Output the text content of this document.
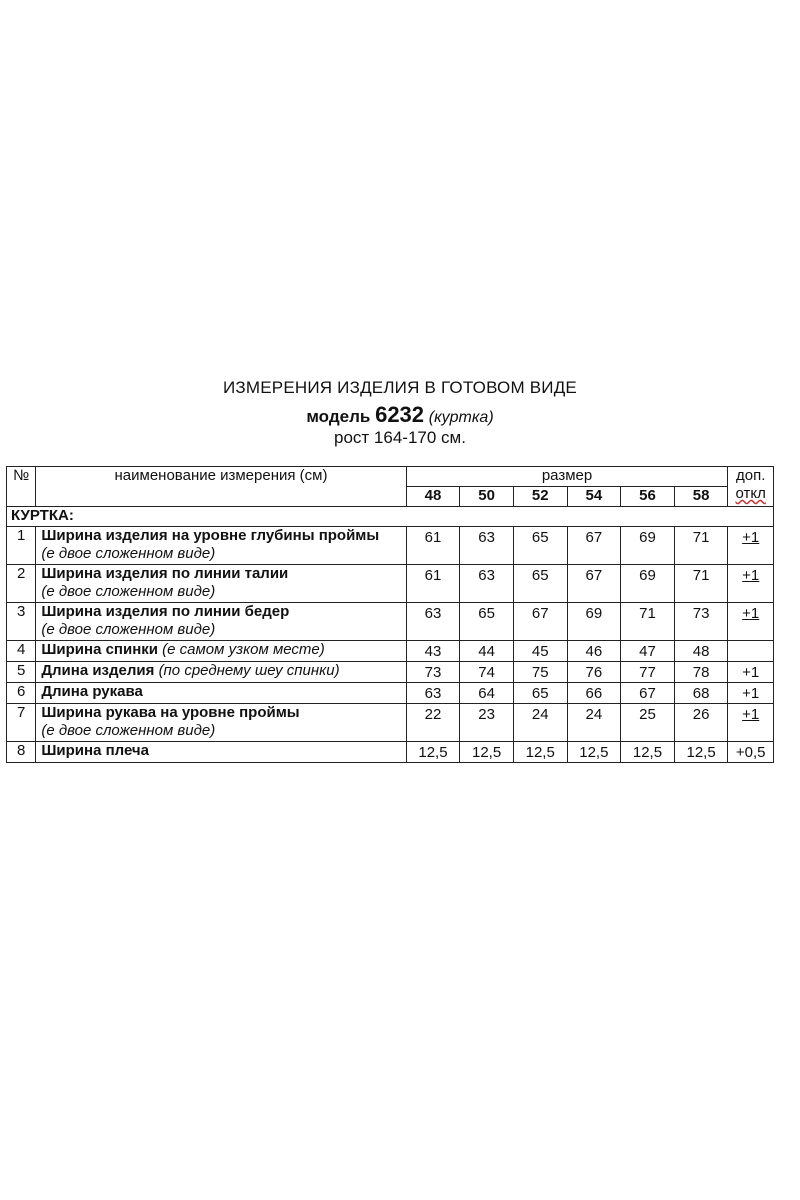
ИЗМЕРЕНИЯ ИЗДЕЛИЯ В ГОТОВОМ ВИДЕ
модель 6232 (куртка)
рост 164-170 см.
№	наименование измерения (см)	размер						доп.
откл

		48	50	52	54	56	58	
КУРТКА:								
1	Ширина изделия на уровне глубины проймы
(е двое сложенном виде)	61	63	65	67	69	71	+1

2	Ширина изделия по линии талии
(е двое сложенном виде)	61	63	65	67	69	71	+1

3	Ширина изделия по линии бедер
(е двое сложенном виде)	63	65	67	69	71	73	+1

4	Ширина спинки (е самом узком месте)	43	44	45	46	47	48	

5	Длина изделия (по среднему шеу спинки)	73	74	75	76	77	78	+1

6	Длина рукава	63	64	65	66	67	68	+1

7	Ширина рукава на уровне проймы
(е двое сложенном виде)	22	23	24	24	25	26	+1

8	Ширина плеча	12,5	12,5	12,5	12,5	12,5	12,5	+0,5
